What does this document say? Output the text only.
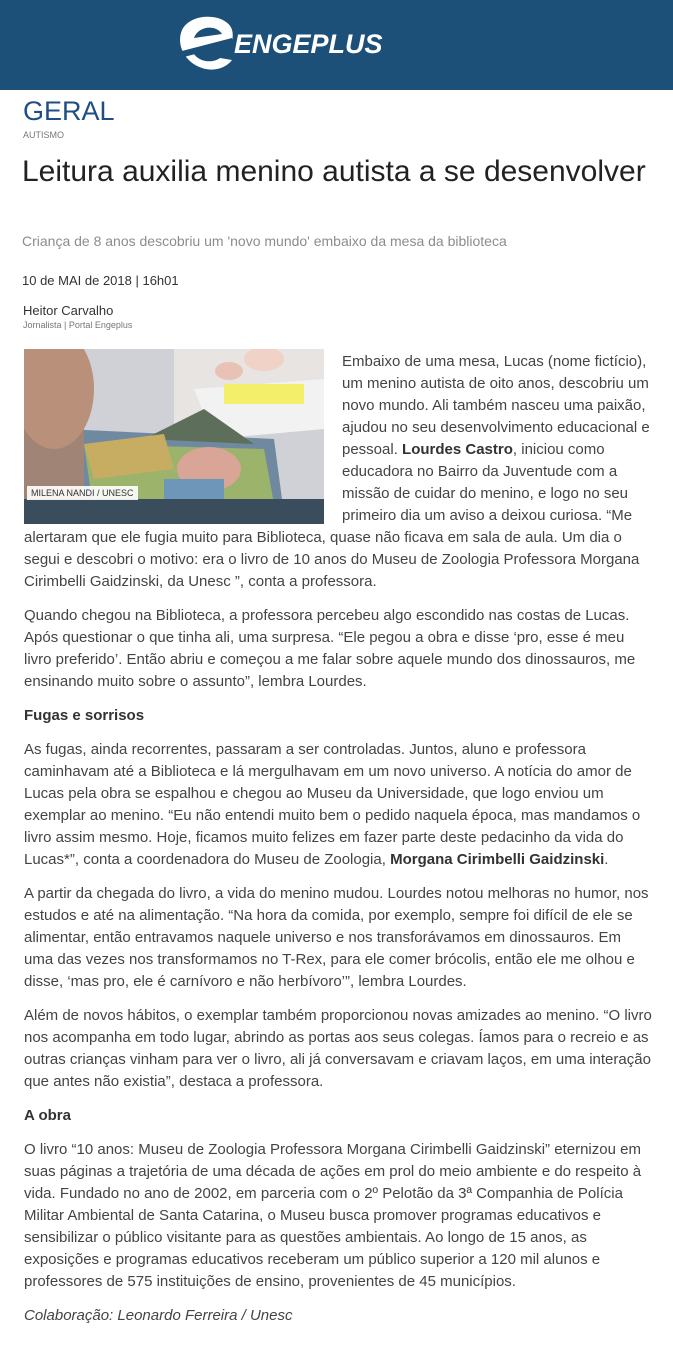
ENGEPLUS
GERAL
AUTISMO
Leitura auxilia menino autista a se desenvolver
Criança de 8 anos descobriu um 'novo mundo' embaixo da mesa da biblioteca
10 de MAI de 2018 | 16h01
Heitor Carvalho
Jornalista | Portal Engeplus

Embaixo de uma mesa, Lucas (nome fictício), um menino autista de oito anos, descobriu um novo mundo. Ali também nasceu uma paixão, ajudou no seu desenvolvimento educacional e pessoal. Lourdes Castro, iniciou como educadora no Bairro da Juventude com a missão de cuidar do menino, e logo no seu primeiro dia um aviso a deixou curiosa. “Me alertaram que ele fugia muito para Biblioteca, quase não ficava em sala de aula. Um dia o segui e descobri o motivo: era o livro de 10 anos do Museu de Zoologia Professora Morgana Cirimbelli Gaidzinski, da Unesc ”, conta a professora.

Quando chegou na Biblioteca, a professora percebeu algo escondido nas costas de Lucas. Após questionar o que tinha ali, uma surpresa. “Ele pegou a obra e disse ‘pro, esse é meu livro preferido’. Então abriu e começou a me falar sobre aquele mundo dos dinossauros, me ensinando muito sobre o assunto”, lembra Lourdes.

Fugas e sorrisos

As fugas, ainda recorrentes, passaram a ser controladas. Juntos, aluno e professora caminhavam até a Biblioteca e lá mergulhavam em um novo universo. A notícia do amor de Lucas pela obra se espalhou e chegou ao Museu da Universidade, que logo enviou um exemplar ao menino. “Eu não entendi muito bem o pedido naquela época, mas mandamos o livro assim mesmo. Hoje, ficamos muito felizes em fazer parte deste pedacinho da vida do Lucas*”, conta a coordenadora do Museu de Zoologia, Morgana Cirimbelli Gaidzinski.

A partir da chegada do livro, a vida do menino mudou. Lourdes notou melhoras no humor, nos estudos e até na alimentação. “Na hora da comida, por exemplo, sempre foi difícil de ele se alimentar, então entravamos naquele universo e nos transforávamos em dinossauros. Em uma das vezes nos transformamos no T-Rex, para ele comer brócolis, então ele me olhou e disse, ‘mas pro, ele é carnívoro e não herbívoro’”, lembra Lourdes.

Além de novos hábitos, o exemplar também proporcionou novas amizades ao menino. “O livro nos acompanha em todo lugar, abrindo as portas aos seus colegas. Íamos para o recreio e as outras crianças vinham para ver o livro, ali já conversavam e criavam laços, em uma interação que antes não existia”, destaca a professora.

A obra

O livro “10 anos: Museu de Zoologia Professora Morgana Cirimbelli Gaidzinski” eternizou em suas páginas a trajetória de uma década de ações em prol do meio ambiente e do respeito à vida. Fundado no ano de 2002, em parceria com o 2º Pelotão da 3ª Companhia de Polícia Militar Ambiental de Santa Catarina, o Museu busca promover programas educativos e sensibilizar o público visitante para as questões ambientais. Ao longo de 15 anos, as exposições e programas educativos receberam um público superior a 120 mil alunos e professores de 575 instituições de ensino, provenientes de 45 municípios.

Colaboração: Leonardo Ferreira / Unesc

MILENA NANDI / UNESC
